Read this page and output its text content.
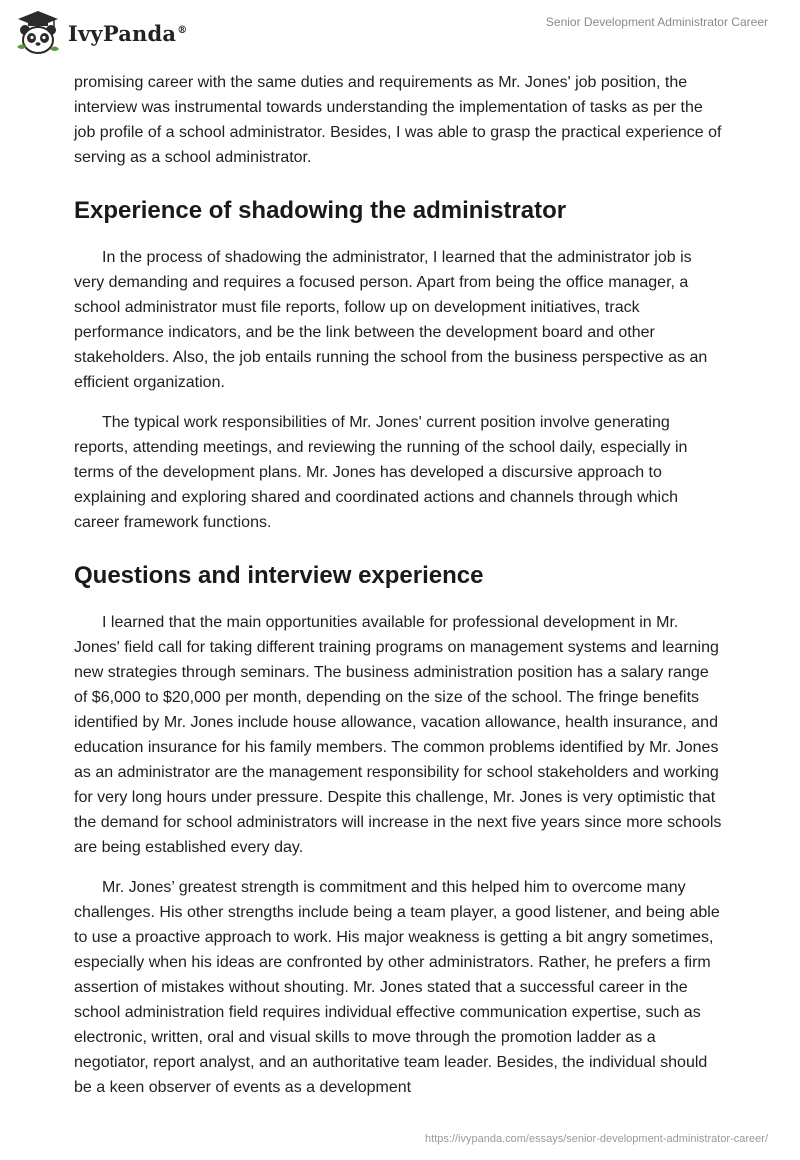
IvyPanda®
Senior Development Administrator Career

promising career with the same duties and requirements as Mr. Jones' job position, the interview was instrumental towards understanding the implementation of tasks as per the job profile of a school administrator. Besides, I was able to grasp the practical experience of serving as a school administrator.

Experience of shadowing the administrator

In the process of shadowing the administrator, I learned that the administrator job is very demanding and requires a focused person. Apart from being the office manager, a school administrator must file reports, follow up on development initiatives, track performance indicators, and be the link between the development board and other stakeholders. Also, the job entails running the school from the business perspective as an efficient organization.

The typical work responsibilities of Mr. Jones' current position involve generating reports, attending meetings, and reviewing the running of the school daily, especially in terms of the development plans. Mr. Jones has developed a discursive approach to explaining and exploring shared and coordinated actions and channels through which career framework functions.

Questions and interview experience

I learned that the main opportunities available for professional development in Mr. Jones' field call for taking different training programs on management systems and learning new strategies through seminars. The business administration position has a salary range of $6,000 to $20,000 per month, depending on the size of the school. The fringe benefits identified by Mr. Jones include house allowance, vacation allowance, health insurance, and education insurance for his family members. The common problems identified by Mr. Jones as an administrator are the management responsibility for school stakeholders and working for very long hours under pressure. Despite this challenge, Mr. Jones is very optimistic that the demand for school administrators will increase in the next five years since more schools are being established every day.

Mr. Jones’ greatest strength is commitment and this helped him to overcome many challenges. His other strengths include being a team player, a good listener, and being able to use a proactive approach to work. His major weakness is getting a bit angry sometimes, especially when his ideas are confronted by other administrators. Rather, he prefers a firm assertion of mistakes without shouting. Mr. Jones stated that a successful career in the school administration field requires individual effective communication expertise, such as electronic, written, oral and visual skills to move through the promotion ladder as a negotiator, report analyst, and an authoritative team leader. Besides, the individual should be a keen observer of events as a development

https://ivypanda.com/essays/senior-development-administrator-career/
